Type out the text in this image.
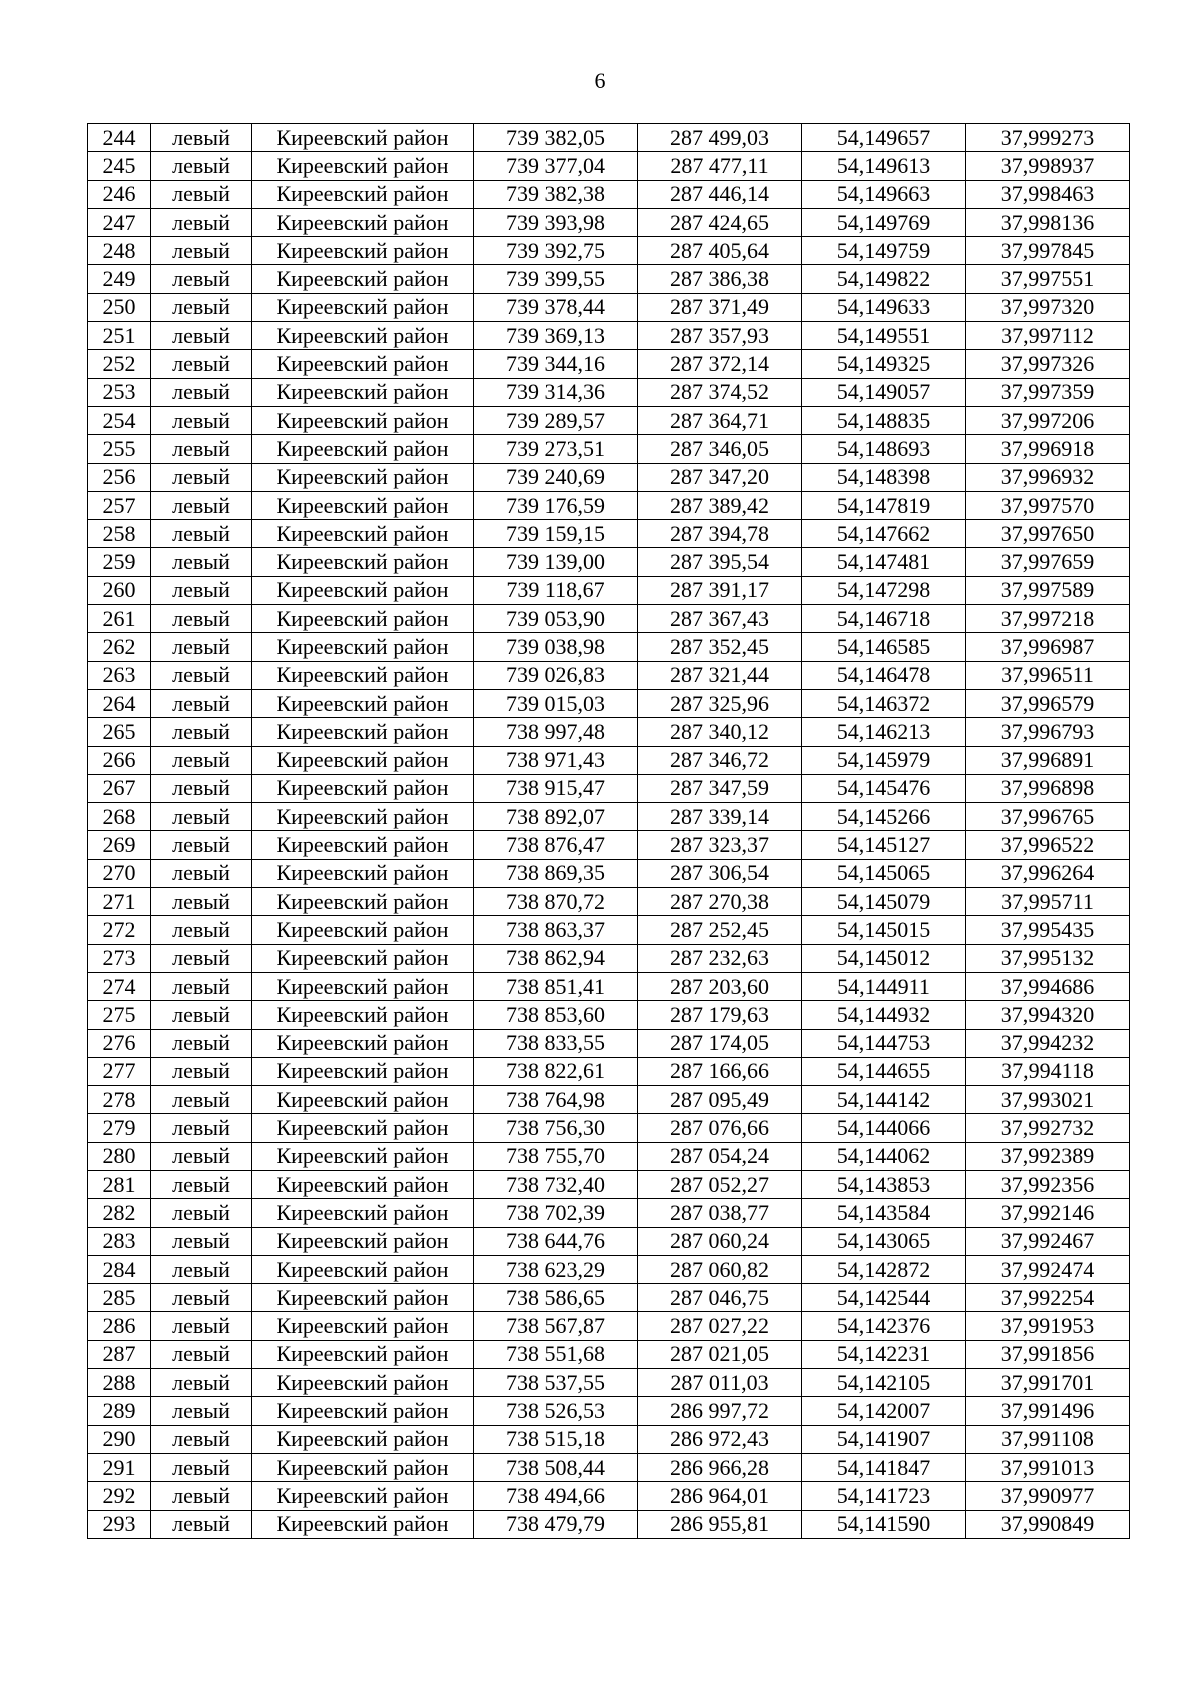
6
244	левый	Киреевский район	739 382,05	287 499,03	54,149657	37,999273
245	левый	Киреевский район	739 377,04	287 477,11	54,149613	37,998937
246	левый	Киреевский район	739 382,38	287 446,14	54,149663	37,998463
247	левый	Киреевский район	739 393,98	287 424,65	54,149769	37,998136
248	левый	Киреевский район	739 392,75	287 405,64	54,149759	37,997845
249	левый	Киреевский район	739 399,55	287 386,38	54,149822	37,997551
250	левый	Киреевский район	739 378,44	287 371,49	54,149633	37,997320
251	левый	Киреевский район	739 369,13	287 357,93	54,149551	37,997112
252	левый	Киреевский район	739 344,16	287 372,14	54,149325	37,997326
253	левый	Киреевский район	739 314,36	287 374,52	54,149057	37,997359
254	левый	Киреевский район	739 289,57	287 364,71	54,148835	37,997206
255	левый	Киреевский район	739 273,51	287 346,05	54,148693	37,996918
256	левый	Киреевский район	739 240,69	287 347,20	54,148398	37,996932
257	левый	Киреевский район	739 176,59	287 389,42	54,147819	37,997570
258	левый	Киреевский район	739 159,15	287 394,78	54,147662	37,997650
259	левый	Киреевский район	739 139,00	287 395,54	54,147481	37,997659
260	левый	Киреевский район	739 118,67	287 391,17	54,147298	37,997589
261	левый	Киреевский район	739 053,90	287 367,43	54,146718	37,997218
262	левый	Киреевский район	739 038,98	287 352,45	54,146585	37,996987
263	левый	Киреевский район	739 026,83	287 321,44	54,146478	37,996511
264	левый	Киреевский район	739 015,03	287 325,96	54,146372	37,996579
265	левый	Киреевский район	738 997,48	287 340,12	54,146213	37,996793
266	левый	Киреевский район	738 971,43	287 346,72	54,145979	37,996891
267	левый	Киреевский район	738 915,47	287 347,59	54,145476	37,996898
268	левый	Киреевский район	738 892,07	287 339,14	54,145266	37,996765
269	левый	Киреевский район	738 876,47	287 323,37	54,145127	37,996522
270	левый	Киреевский район	738 869,35	287 306,54	54,145065	37,996264
271	левый	Киреевский район	738 870,72	287 270,38	54,145079	37,995711
272	левый	Киреевский район	738 863,37	287 252,45	54,145015	37,995435
273	левый	Киреевский район	738 862,94	287 232,63	54,145012	37,995132
274	левый	Киреевский район	738 851,41	287 203,60	54,144911	37,994686
275	левый	Киреевский район	738 853,60	287 179,63	54,144932	37,994320
276	левый	Киреевский район	738 833,55	287 174,05	54,144753	37,994232
277	левый	Киреевский район	738 822,61	287 166,66	54,144655	37,994118
278	левый	Киреевский район	738 764,98	287 095,49	54,144142	37,993021
279	левый	Киреевский район	738 756,30	287 076,66	54,144066	37,992732
280	левый	Киреевский район	738 755,70	287 054,24	54,144062	37,992389
281	левый	Киреевский район	738 732,40	287 052,27	54,143853	37,992356
282	левый	Киреевский район	738 702,39	287 038,77	54,143584	37,992146
283	левый	Киреевский район	738 644,76	287 060,24	54,143065	37,992467
284	левый	Киреевский район	738 623,29	287 060,82	54,142872	37,992474
285	левый	Киреевский район	738 586,65	287 046,75	54,142544	37,992254
286	левый	Киреевский район	738 567,87	287 027,22	54,142376	37,991953
287	левый	Киреевский район	738 551,68	287 021,05	54,142231	37,991856
288	левый	Киреевский район	738 537,55	287 011,03	54,142105	37,991701
289	левый	Киреевский район	738 526,53	286 997,72	54,142007	37,991496
290	левый	Киреевский район	738 515,18	286 972,43	54,141907	37,991108
291	левый	Киреевский район	738 508,44	286 966,28	54,141847	37,991013
292	левый	Киреевский район	738 494,66	286 964,01	54,141723	37,990977
293	левый	Киреевский район	738 479,79	286 955,81	54,141590	37,990849
